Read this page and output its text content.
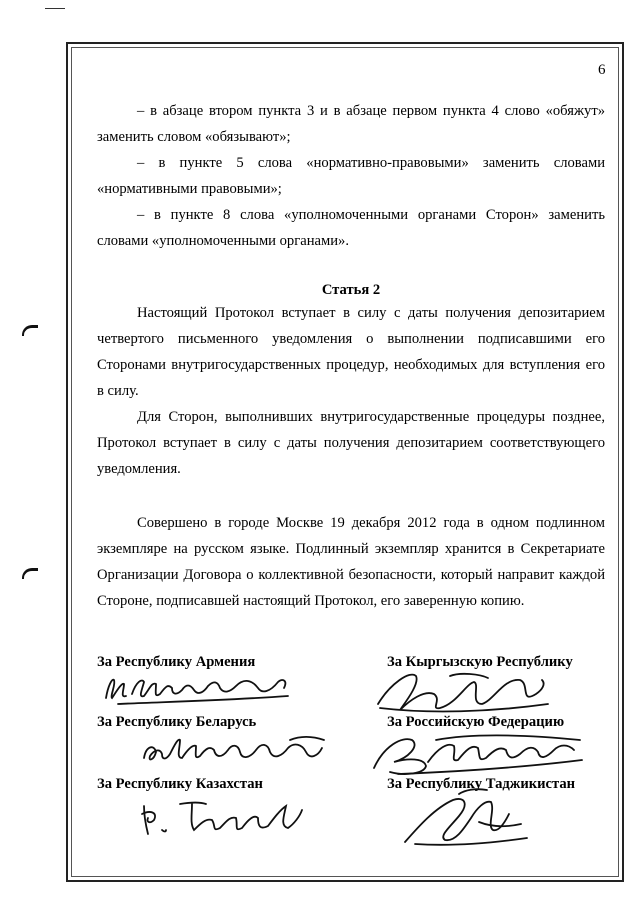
6

– в абзаце втором пункта 3 и в абзаце первом пункта 4 слово «обяжут» заменить словом «обязывают»;

– в пункте 5 слова «нормативно-правовыми» заменить словами «нормативными правовыми»;

– в пункте 8 слова «уполномоченными органами Сторон» заменить словами «уполномоченными органами».

Статья 2

Настоящий Протокол вступает в силу с даты получения депозитарием четвертого письменного уведомления о выполнении подписавшими его Сторонами внутригосударственных процедур, необходимых для вступления его в силу.

Для Сторон, выполнивших внутригосударственные процедуры позднее, Протокол вступает в силу с даты получения депозитарием соответствующего уведомления.

Совершено в городе Москве 19 декабря 2012 года в одном подлинном экземпляре на русском языке. Подлинный экземпляр хранится в Секретариате Организации Договора о коллективной безопасности, который направит каждой Стороне, подписавшей настоящий Протокол, его заверенную копию.

За Республику Армения	За Кыргызскую Республику
За Республику Беларусь	За Российскую Федерацию
За Республику Казахстан	За Республику Таджикистан
